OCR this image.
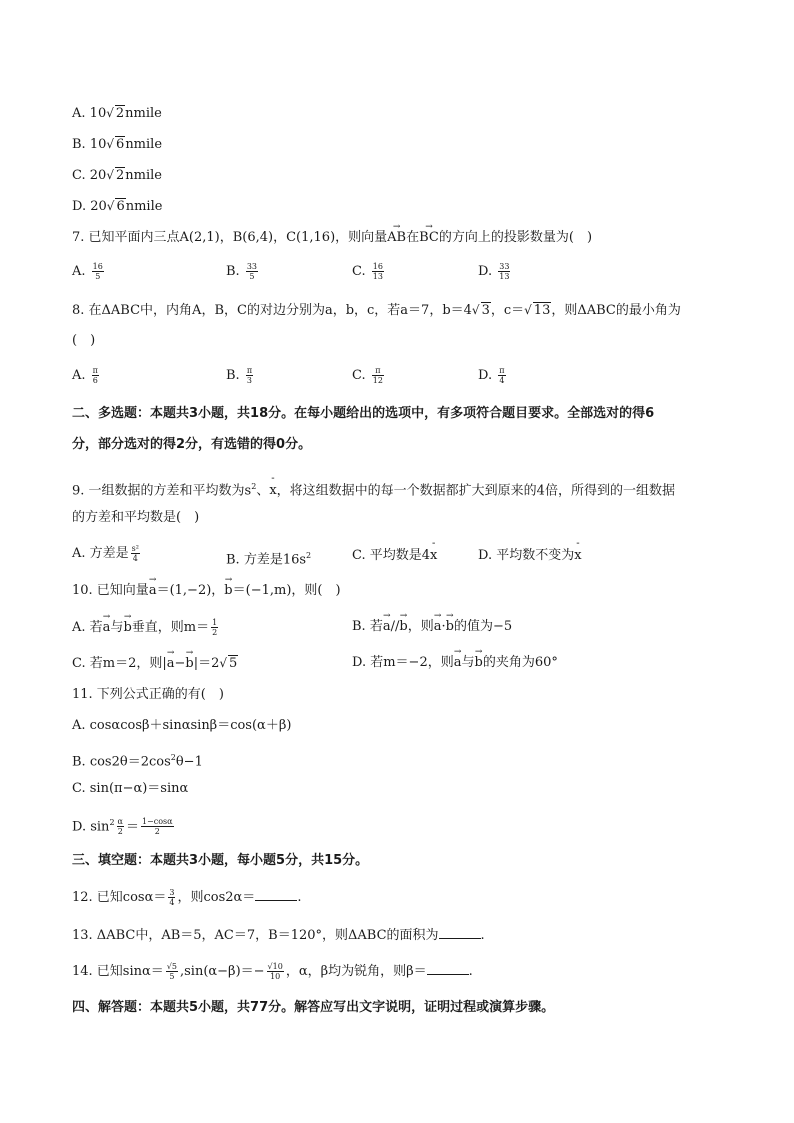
A. 10√ 2nmile
B. 10√ 6nmile
C. 20√ 2nmile
D. 20√ 6nmile
7. 已知平面内三点A(2,1)，B(6,4)，C(1,16)，则向量→ AB在→ BC的方向上的投影数量为(　)
A. $\frac{16}{5}$	B. $\frac{33}{5}$	C. $\frac{16}{13}$	D. $\frac{33}{13}$
8. 在ΔABC中，内角A，B，C的对边分别为a，b，c，若a＝7，b＝4√ 3，c＝√ 13，则ΔABC的最小角为
(　)
A. $\frac{\pi}{6}$	B. $\frac{\pi}{3}$	C. $\frac{\pi}{12}$	D. $\frac{\pi}{4}$
二、多选题：本题共3小题，共18分。在每小题给出的选项中，有多项符合题目要求。全部选对的得6
分，部分选对的得2分，有选错的得0分。
9. 一组数据的方差和平均数为$s^2$、- x，将这组数据中的每一个数据都扩大到原来的4倍，所得到的一组数据
的方差和平均数是(　)
A. 方差是 $\frac{\text{s²}}{4}$	B. 方差是$16s^2$	C. 平均数是4- x	D. 平均数不变为- x
10. 已知向量→ a＝(1,−2)，→ b＝(−1,m)，则(　)
A. 若→ a与→ b垂直，则$m= \frac{1}{2}$	B. 若→ a//→ b，则→ a·→ b的值为−5
C. 若m＝2，则|→ a−→ b|＝2√ 5	D. 若m＝−2，则→ a与→ b的夹角为60°
11. 下列公式正确的有(　)
A. cosαcosβ＋sinαsinβ＝cos(α＋β)
B. $\cos 2\theta=2\cos^2\theta-1$
C. sin(π−α)＝sinα
D. $\sin^2 \frac{\alpha}{2} = \frac{1-\cos\alpha}{2}$
三、填空题：本题共3小题，每小题5分，共15分。
12. 已知$\cos\alpha= \frac{3}{4}$ ，则cos2α＝	.
13. ΔABC中，AB＝5，AC＝7，B＝120°，则ΔABC的面积为	.
14. 已知$\sin\alpha= \frac{√5}{5} ,\sin(\alpha-\beta)=- \frac{√10}{10}$ ，α，β均为锐角，则β＝	.
四、解答题：本题共5小题，共77分。解答应写出文字说明，证明过程或演算步骤。
